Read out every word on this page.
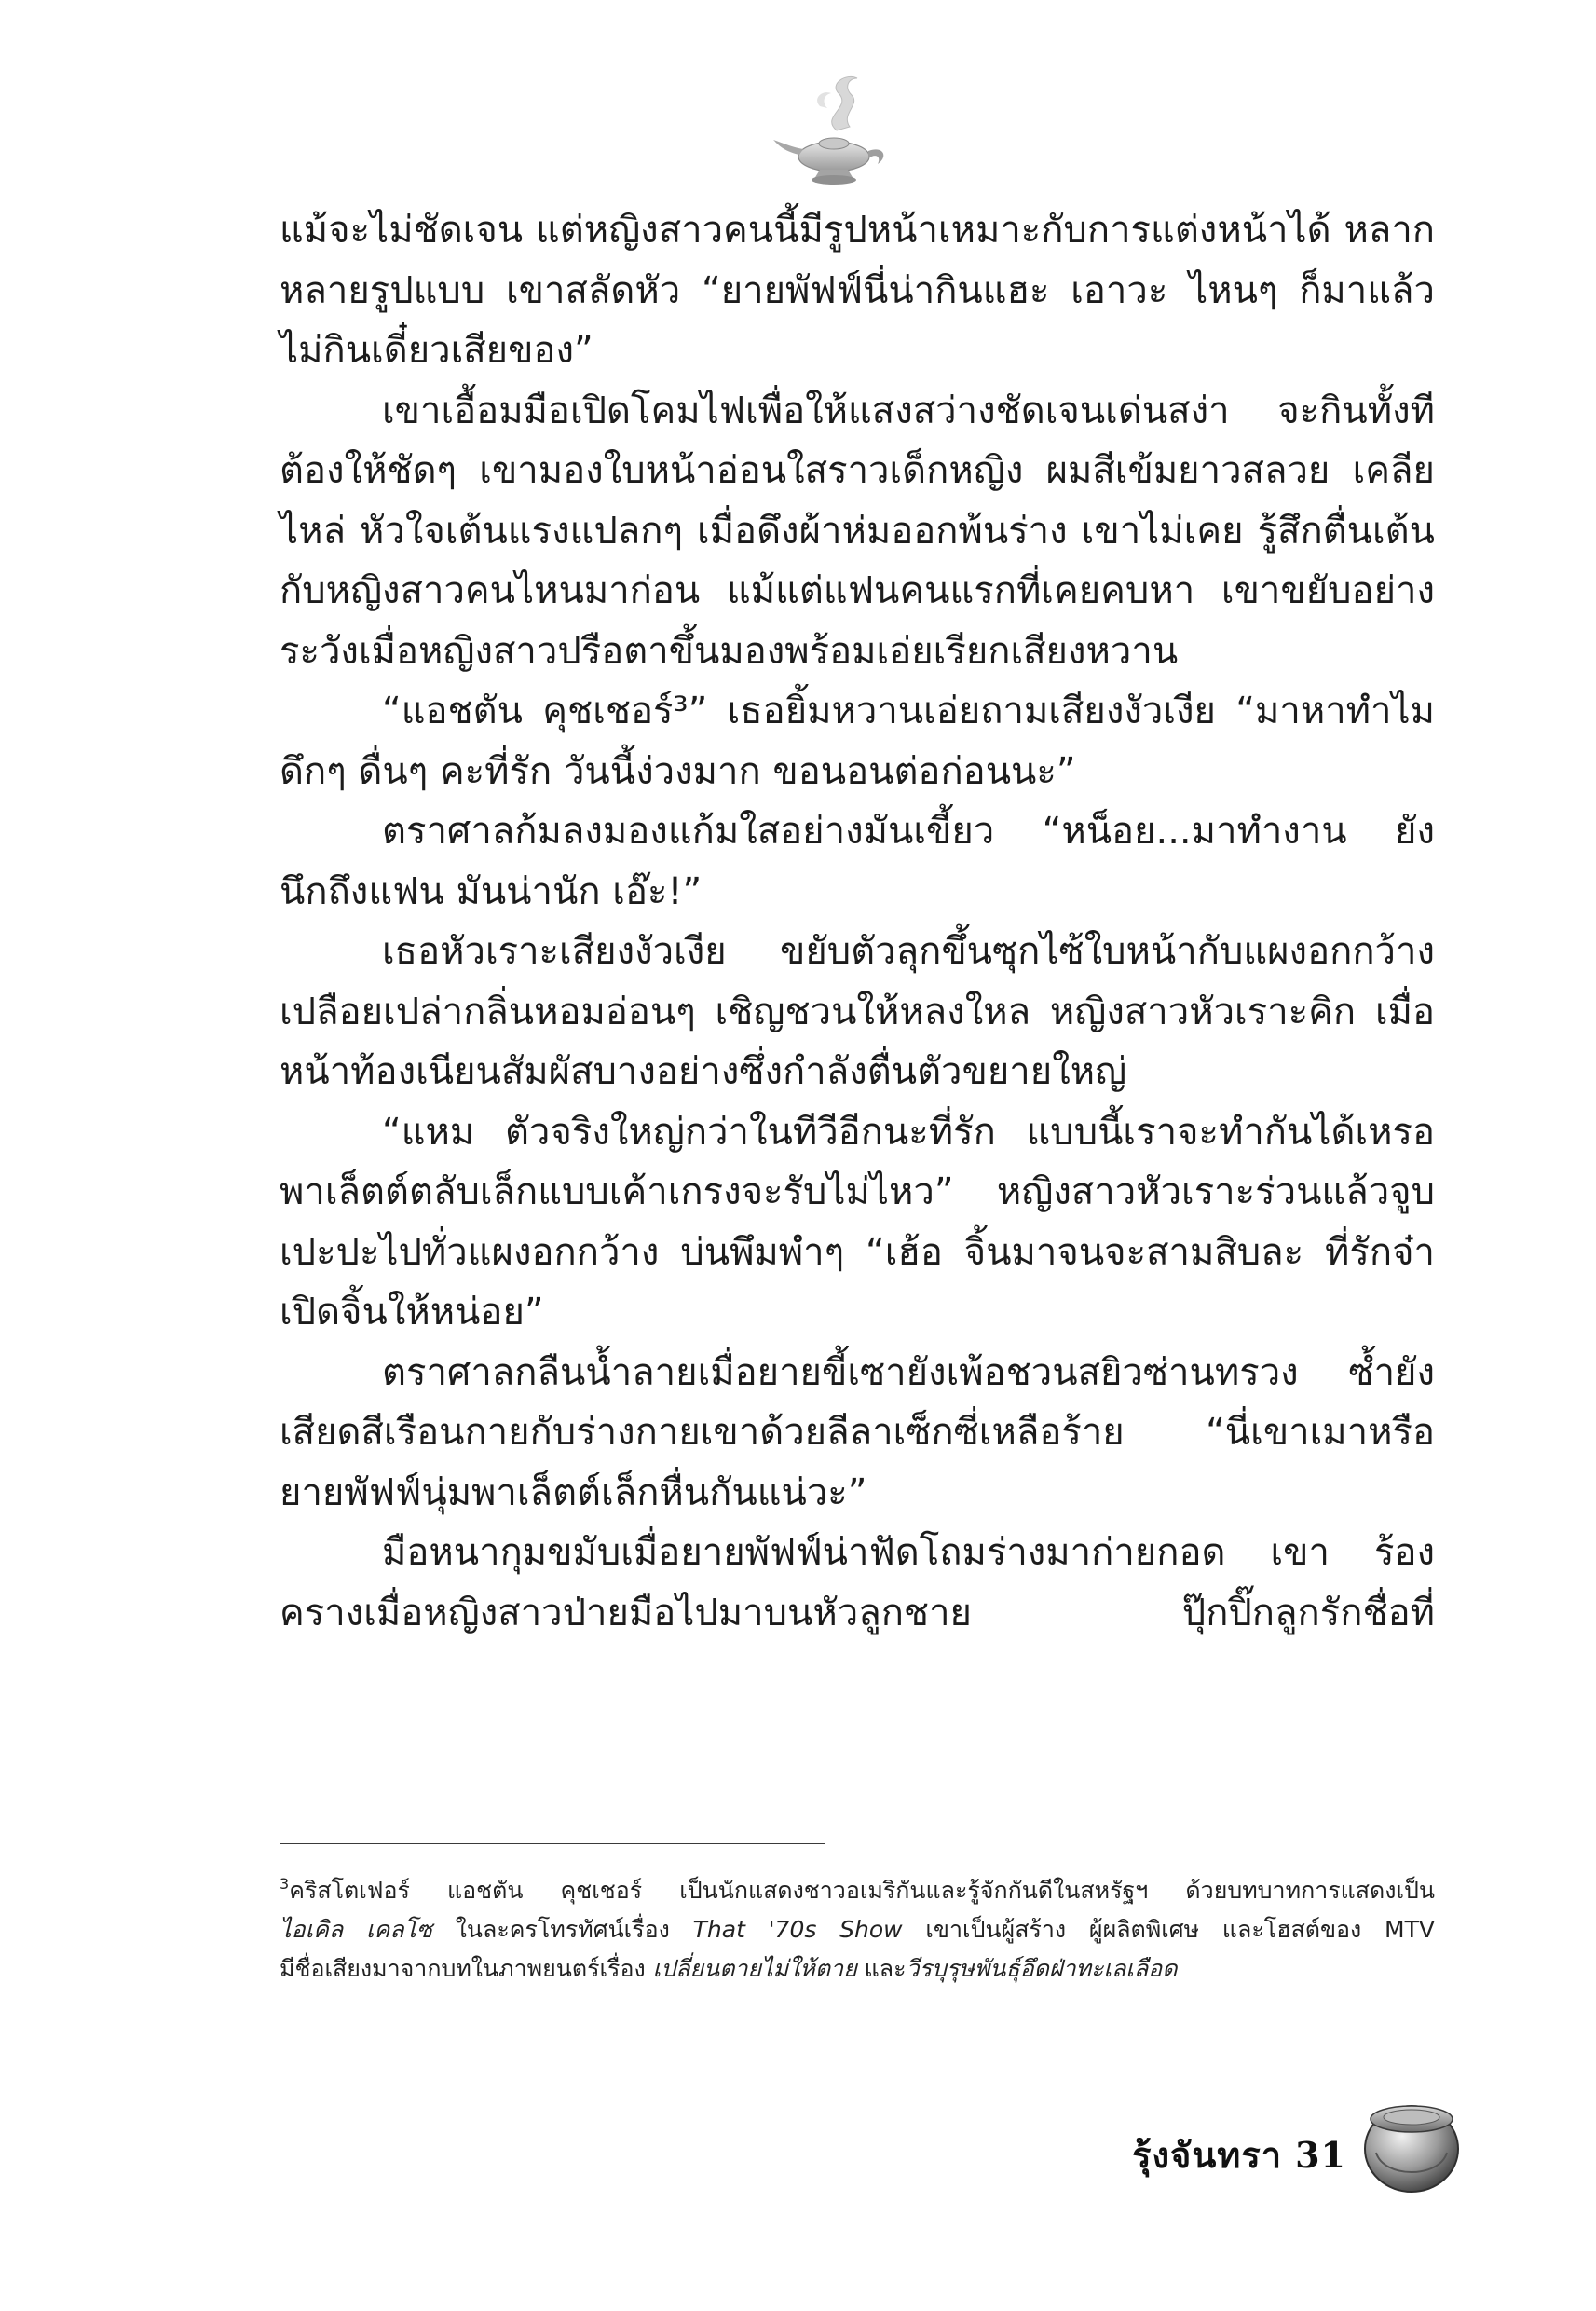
แม้จะไม่ชัดเจน แต่หญิงสาวคนนี้มีรูปหน้าเหมาะกับการแต่งหน้าได้ หลากหลายรูปแบบ เขาสลัดหัว “ยายพัฟฟ์นี่น่ากินแฮะ เอาวะ ไหนๆ ก็มาแล้ว ไม่กินเดี๋ยวเสียของ”

เขาเอื้อมมือเปิดโคมไฟเพื่อให้แสงสว่างชัดเจนเด่นสง่า จะกินทั้งที ต้องให้ชัดๆ เขามองใบหน้าอ่อนใสราวเด็กหญิง ผมสีเข้มยาวสลวย เคลียไหล่ หัวใจเต้นแรงแปลกๆ เมื่อดึงผ้าห่มออกพ้นร่าง เขาไม่เคย รู้สึกตื่นเต้นกับหญิงสาวคนไหนมาก่อน แม้แต่แฟนคนแรกที่เคยคบหา เขาขยับอย่างระวังเมื่อหญิงสาวปรือตาขึ้นมองพร้อมเอ่ยเรียกเสียงหวาน

“แอชตัน คุชเชอร์³” เธอยิ้มหวานเอ่ยถามเสียงงัวเงีย “มาหาทำไม ดึกๆ ดื่นๆ คะที่รัก วันนี้ง่วงมาก ขอนอนต่อก่อนนะ”

ตราศาลก้มลงมองแก้มใสอย่างมันเขี้ยว “หน็อย...มาทำงาน ยังนึกถึงแฟน มันน่านัก เอ๊ะ!”

เธอหัวเราะเสียงงัวเงีย ขยับตัวลุกขึ้นซุกไซ้ใบหน้ากับแผงอกกว้าง เปลือยเปล่ากลิ่นหอมอ่อนๆ เชิญชวนให้หลงใหล หญิงสาวหัวเราะคิก เมื่อหน้าท้องเนียนสัมผัสบางอย่างซึ่งกำลังตื่นตัวขยายใหญ่

“แหม ตัวจริงใหญ่กว่าในทีวีอีกนะที่รัก แบบนี้เราจะทำกันได้เหรอ พาเล็ตต์ตลับเล็กแบบเค้าเกรงจะรับไม่ไหว” หญิงสาวหัวเราะร่วนแล้วจูบ เปะปะไปทั่วแผงอกกว้าง บ่นพึมพำๆ “เฮ้อ จิ้นมาจนจะสามสิบละ ที่รักจ๋า เปิดจิ้นให้หน่อย”

ตราศาลกลืนน้ำลายเมื่อยายขี้เซายังเพ้อชวนสยิวซ่านทรวง ซ้ำยัง เสียดสีเรือนกายกับร่างกายเขาด้วยลีลาเซ็กซี่เหลือร้าย “นี่เขาเมาหรือ ยายพัฟฟ์นุ่มพาเล็ตต์เล็กหื่นกันแน่วะ”

มือหนากุมขมับเมื่อยายพัฟฟ์น่าฟัดโถมร่างมาก่ายกอด เขา ร้องครางเมื่อหญิงสาวป่ายมือไปมาบนหัวลูกชาย ปุ๊กปิ๊กลูกรักชื่อที่

$^3$คริสโตเฟอร์ แอชตัน คุชเชอร์ เป็นนักแสดงชาวอเมริกันและรู้จักกันดีในสหรัฐฯ ด้วยบทบาทการแสดงเป็น
ไอเคิล เคลโซ ในละครโทรทัศน์เรื่อง That '70s Show เขาเป็นผู้สร้าง ผู้ผลิตพิเศษ และโฮสต์ของ MTV
มีชื่อเสียงมาจากบทในภาพยนตร์เรื่อง เปลี่ยนตายไม่ให้ตาย และวีรบุรุษพันธุ์อึดฝ่าทะเลเลือด
รุ้งจันทรา 31
